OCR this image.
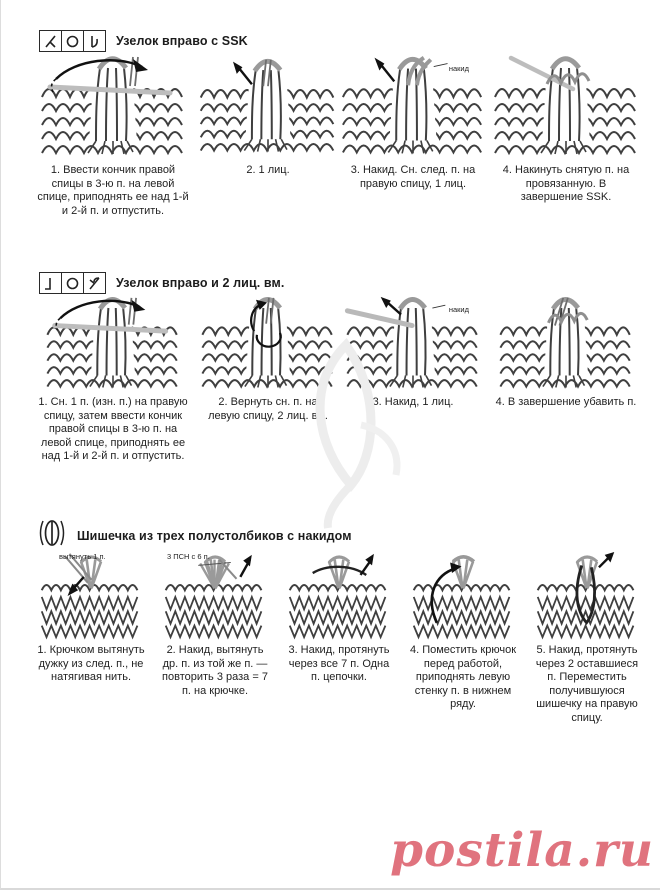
Узелок вправо с SSK
накид
1. Ввести кончик правой спицы в 3-ю п. на левой спице, приподнять ее над 1-й и 2-й п. и отпустить.
2. 1 лиц.	3. Накид. Сн. след. п. на правую спицу, 1 лиц.
4. Накинуть снятую п. на провязанную. В завершение SSK.
Узелок вправо и 2 лиц. вм.
накид
1. Сн. 1 п. (изн. п.) на правую спицу, затем ввести кончик правой спицы в 3-ю п. на левой спице, приподнять ее над 1-й и 2-й п. и отпустить.
2. Вернуть сн. п. на левую спицу, 2 лиц. вм.
3. Накид, 1 лиц.	4. В завершение убавить п.
Шишечка из трех полустолбиков с накидом
вытянуть 1 п.	3 ПСН с 6 п.
1. Крючком вытянуть дужку из след. п., не натягивая нить.
2. Накид, вытянуть др. п. из той же п. — повторить 3 раза = 7 п. на крючке.
3. Накид, протянуть через все 7 п. Одна п. цепочки.
4. Поместить крючок перед работой, приподнять левую стенку п. в нижнем ряду.
5. Накид, протянуть через 2 оставшиеся п. Переместить получившуюся шишечку на правую спицу.
postila.ru
